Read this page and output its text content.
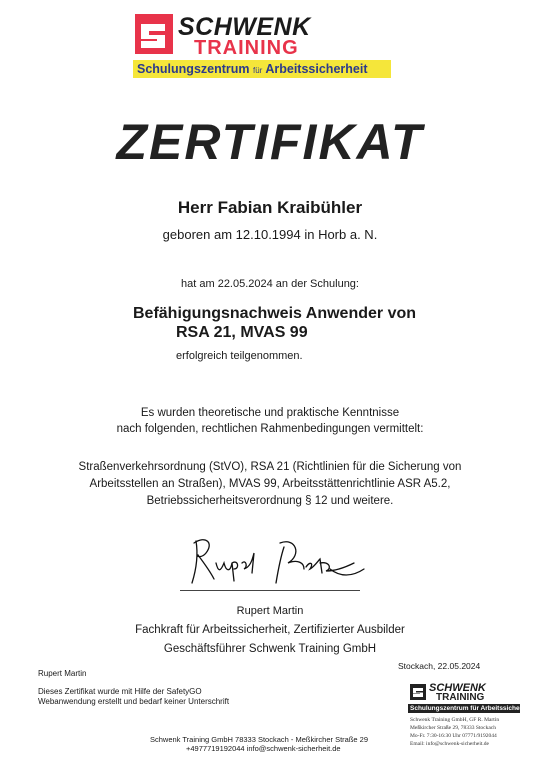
SCHWENK
TRAINING
Schulungszentrum für Arbeitssicherheit
ZERTIFIKAT
Herr Fabian Kraibühler
geboren am 12.10.1994 in Horb a. N.
hat am 22.05.2024 an der Schulung:
Befähigungsnachweis Anwender von
RSA 21, MVAS 99
erfolgreich teilgenommen.
Es wurden theoretische und praktische Kenntnisse
nach folgenden, rechtlichen Rahmenbedingungen vermittelt:
Straßenverkehrsordnung (StVO), RSA 21 (Richtlinien für die Sicherung von
Arbeitsstellen an Straßen), MVAS 99, Arbeitsstättenrichtlinie ASR A5.2,
Betriebssicherheitsverordnung § 12 und weitere.
Rupert Martin
Fachkraft für Arbeitssicherheit, Zertifizierter Ausbilder
Geschäftsführer Schwenk Training GmbH
Rupert Martin
Dieses Zertifikat wurde mit Hilfe der SafetyGO
Webanwendung erstellt und bedarf keiner Unterschrift
Stockach, 22.05.2024
SCHWENK
TRAINING
Schulungszentrum für Arbeitssicherheit
Schwenk Training GmbH, GF R. Martin
Meßkircher Straße 29, 78333 Stockach
Mo-Fr. 7:30-16:30 Uhr 07771/9192044
Email: info@schwenk-sicherheit.de
Schwenk Training GmbH 78333 Stockach - Meßkircher Straße 29
+4977719192044 info@schwenk-sicherheit.de
